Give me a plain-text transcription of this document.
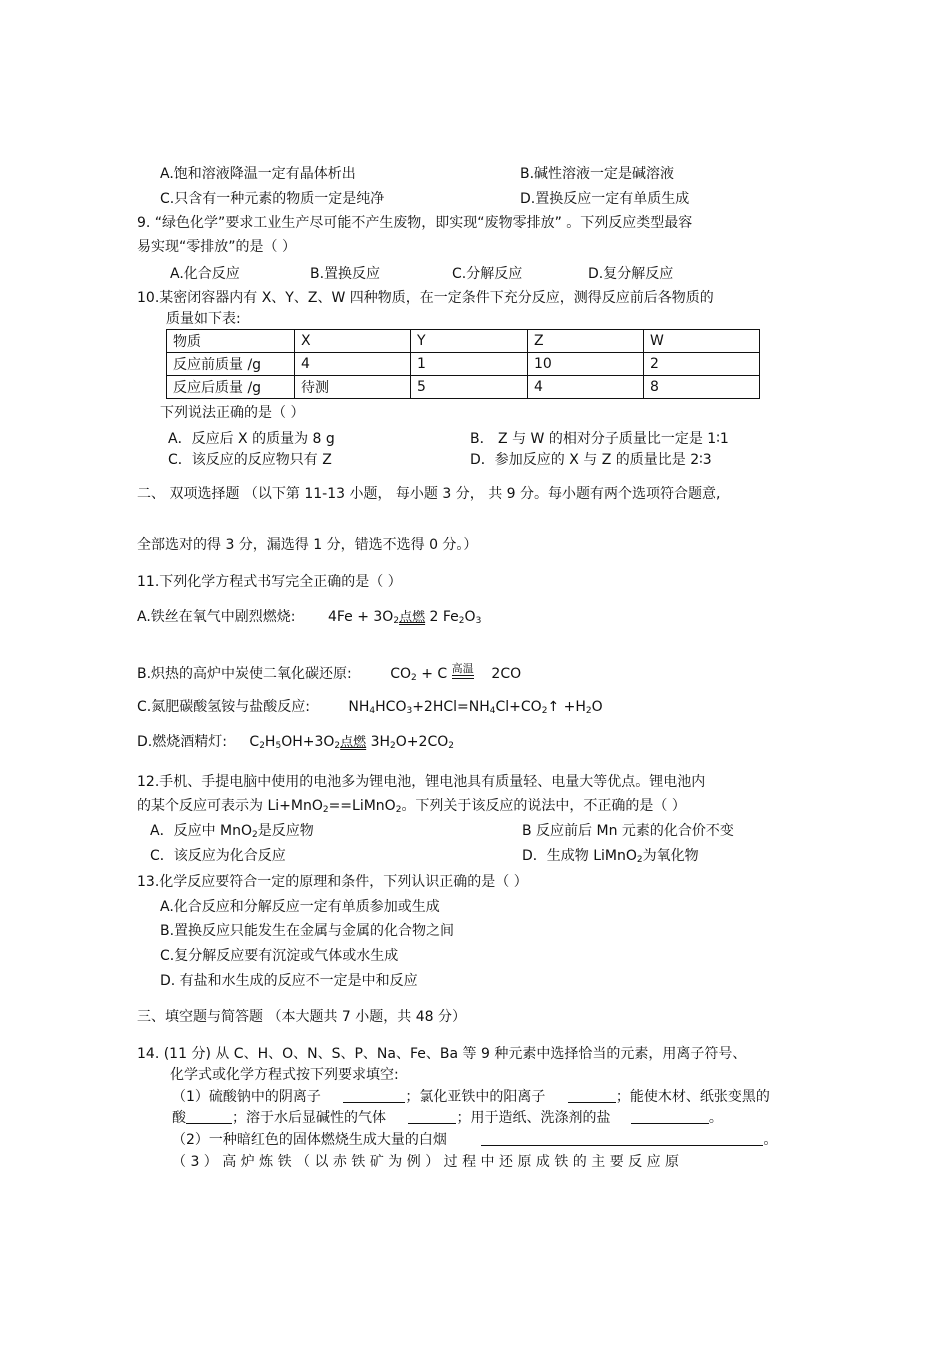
A.饱和溶液降温一定有晶体析出	B.碱性溶液一定是碱溶液
C.只含有一种元素的物质一定是纯净	D.置换反应一定有单质生成
9. “绿色化学”要求工业生产尽可能不产生废物，即实现“废物零排放” 。下列反应类型最容
易实现“零排放”的是（ ）
A.化合反应	B.置换反应	C.分解反应	D.复分解反应
10.某密闭容器内有 X、Y、Z、W 四种物质，在一定条件下充分反应，测得反应前后各物质的
质量如下表:
物质	X	Y	Z	W
反应前质量 /g	4	1	10	2
反应后质量 /g	待测	5	4	8
下列说法正确的是（ ）
A．反应后 X 的质量为 8 g	B． Z 与 W 的相对分子质量比一定是 1∶1
C．该反应的反应物只有 Z	D．参加反应的 X 与 Z 的质量比是 2∶3
二、 双项选择题 （以下第 11-13 小题， 每小题 3 分， 共 9 分。每小题有两个选项符合题意,
全部选对的得 3 分，漏选得 1 分，错选不选得 0 分。）
11.下列化学方程式书写完全正确的是（ ）
A.铁丝在氧气中剧烈燃烧: $4Fe + 3O_2$点燃 2 $Fe_2O_3$
B.炽热的高炉中炭使二氧化碳还原:	$CO_2 + C$ 高温
2CO
C.氮肥碳酸氢铵与盐酸反应:	$NH_4HCO_3+2HCl=NH_4Cl+CO_2↑ +H_2O$
D.燃烧酒精灯: $C_2H_5OH+3O_2$点燃 $3H_2O+2CO_2$
12.手机、手提电脑中使用的电池多为锂电池，锂电池具有质量轻、电量大等优点。锂电池内
的某个反应可表示为 Li+MnO$_2$==LiMnO$_2$。下列关于该反应的说法中，不正确的是（ ）
A．反应中 MnO$_2$是反应物	B 反应前后 Mn 元素的化合价不变
C．该反应为化合反应	D．生成物 LiMnO$_2$为氧化物
13.化学反应要符合一定的原理和条件，下列认识正确的是（ ）
A.化合反应和分解反应一定有单质参加或生成
B.置换反应只能发生在金属与金属的化合物之间
C.复分解反应要有沉淀或气体或水生成
D. 有盐和水生成的反应不一定是中和反应
三、填空题与简答题 （本大题共 7 小题，共 48 分）
14. (11 分) 从 C、H、O、N、S、P、Na、Fe、Ba 等 9 种元素中选择恰当的元素，用离子符号、
化学式或化学方程式按下列要求填空:
（1）硫酸钠中的阴离子	；氯化亚铁中的阳离子	；能使木材、纸张变黑的
酸	；溶于水后显碱性的气体	；用于造纸、洗涤剂的盐	。
（2）一种暗红色的固体燃烧生成大量的白烟	。
（ 3 ） 高 炉 炼 铁 （ 以 赤 铁 矿 为 例 ） 过 程 中 还 原 成 铁 的 主 要 反 应 原
